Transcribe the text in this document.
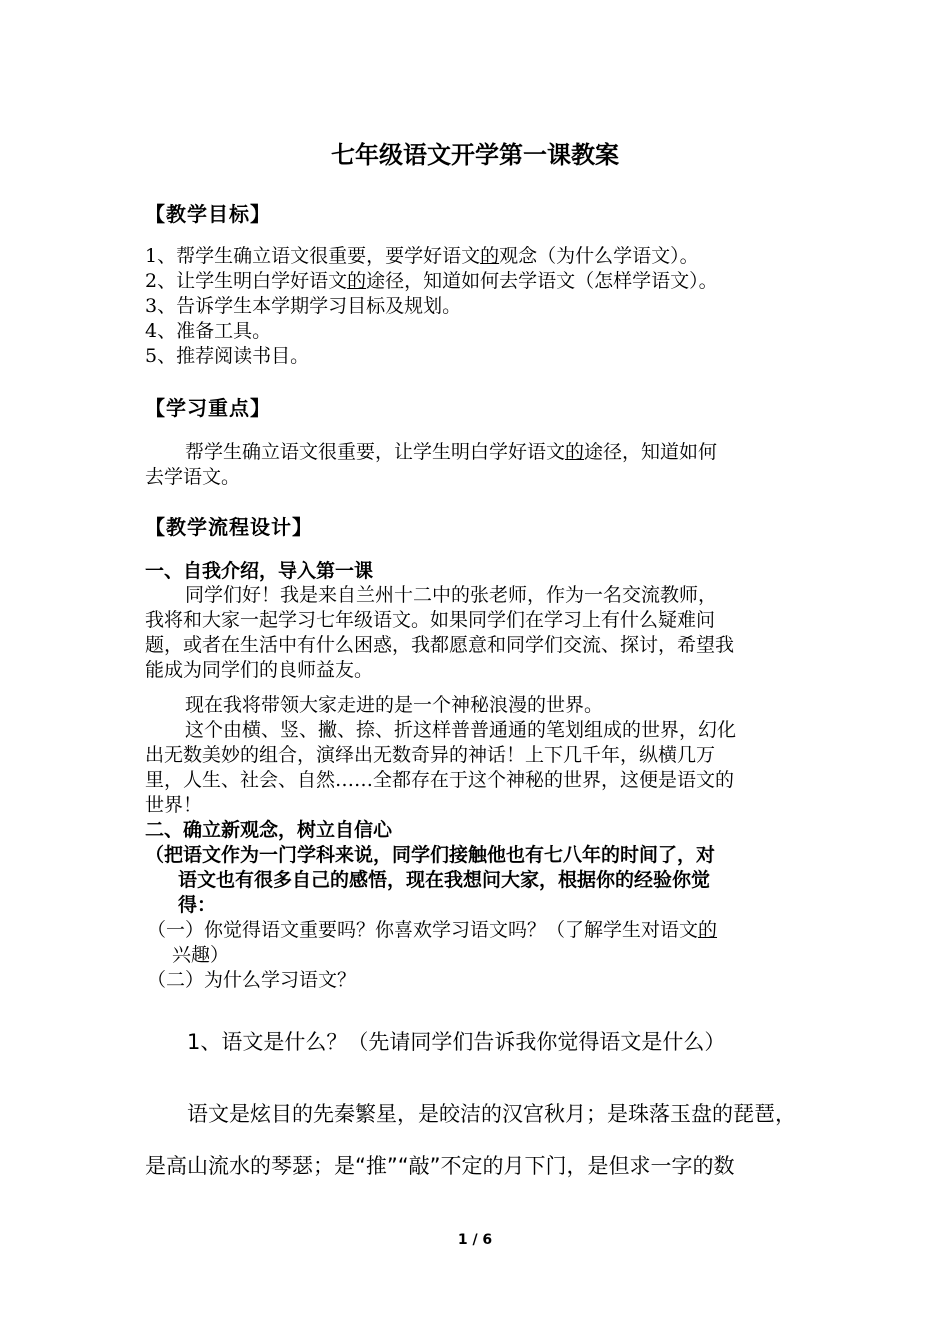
七年级语文开学第一课教案
【教学目标】
1、帮学生确立语文很重要，要学好语文的观念（为什么学语文）。
2、让学生明白学好语文的途径，知道如何去学语文（怎样学语文）。
3、告诉学生本学期学习目标及规划。
4、准备工具。
5、推荐阅读书目。
【学习重点】
帮学生确立语文很重要，让学生明白学好语文的途径，知道如何
去学语文。
【教学流程设计】
一、自我介绍，导入第一课
同学们好！我是来自兰州十二中的张老师，作为一名交流教师，
我将和大家一起学习七年级语文。如果同学们在学习上有什么疑难问
题，或者在生活中有什么困惑，我都愿意和同学们交流、探讨，希望我
能成为同学们的良师益友。
现在我将带领大家走进的是一个神秘浪漫的世界。
这个由横、竖、撇、捺、折这样普普通通的笔划组成的世界，幻化
出无数美妙的组合，演绎出无数奇异的神话！上下几千年，纵横几万
里，人生、社会、自然……全都存在于这个神秘的世界，这便是语文的
世界！
二、确立新观念，树立自信心
（把语文作为一门学科来说，同学们接触他也有七八年的时间了，对
语文也有很多自己的感悟，现在我想问大家，根据你的经验你觉
得：
（一）你觉得语文重要吗？你喜欢学习语文吗？（了解学生对语文的
兴趣）
（二）为什么学习语文？
1、语文是什么？（先请同学们告诉我你觉得语文是什么）
语文是炫目的先秦繁星，是皎洁的汉宫秋月；是珠落玉盘的琵琶，
是高山流水的琴瑟；是“推”“敲”不定的月下门，是但求一字的数
1 / 6
